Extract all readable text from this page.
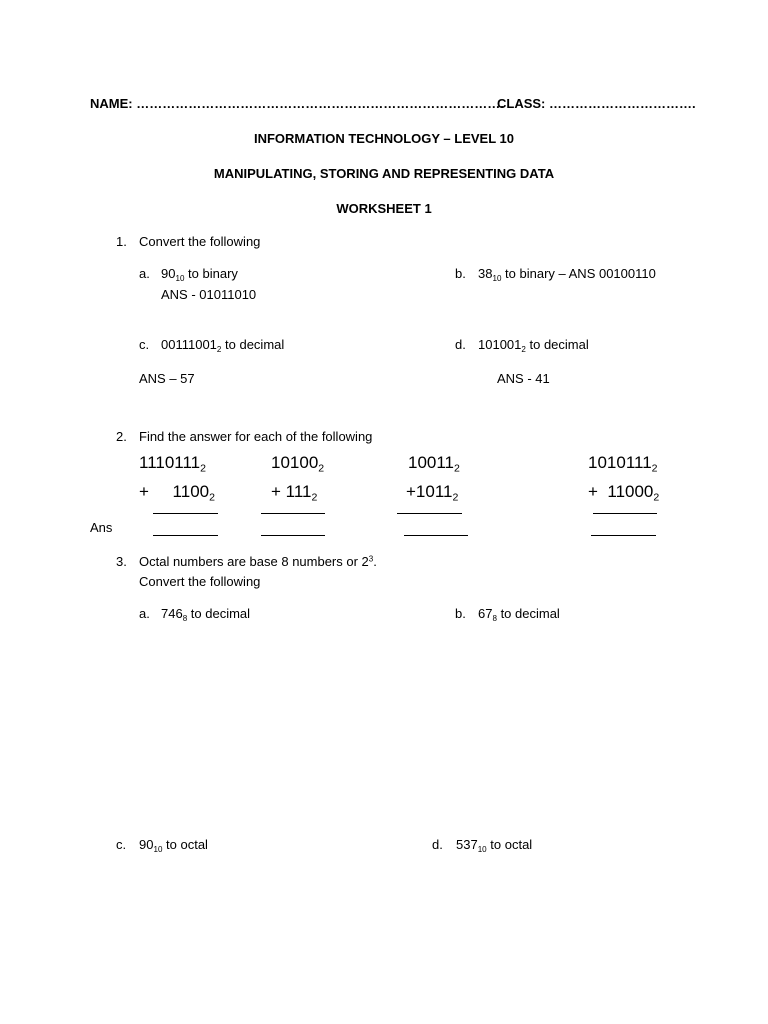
NAME: ………………………………………………………………………….
CLASS: …………………………….
INFORMATION TECHNOLOGY – LEVEL 10
MANIPULATING, STORING AND REPRESENTING DATA
WORKSHEET 1
1. Convert the following
a. $90_{10}$ to binary
ANS - 01011010
b. $38_{10}$ to binary – ANS 00100110
c. $00111001_2$ to decimal
ANS – 57
d. $101001_2$ to decimal
ANS - 41
2. Find the answer for each of the following
$1110111_2$
+     $1100_2$
$10100_2$
+ $111_2$
$10011_2$
$+1011_2$
$1010111_2$
+  $11000_2$
Ans
3. Octal numbers are base 8 numbers or $2^3$.
Convert the following
a. $746_8$ to decimal	b. $67_8$ to decimal
c. $90_{10}$ to octal	d. $537_{10}$ to octal
